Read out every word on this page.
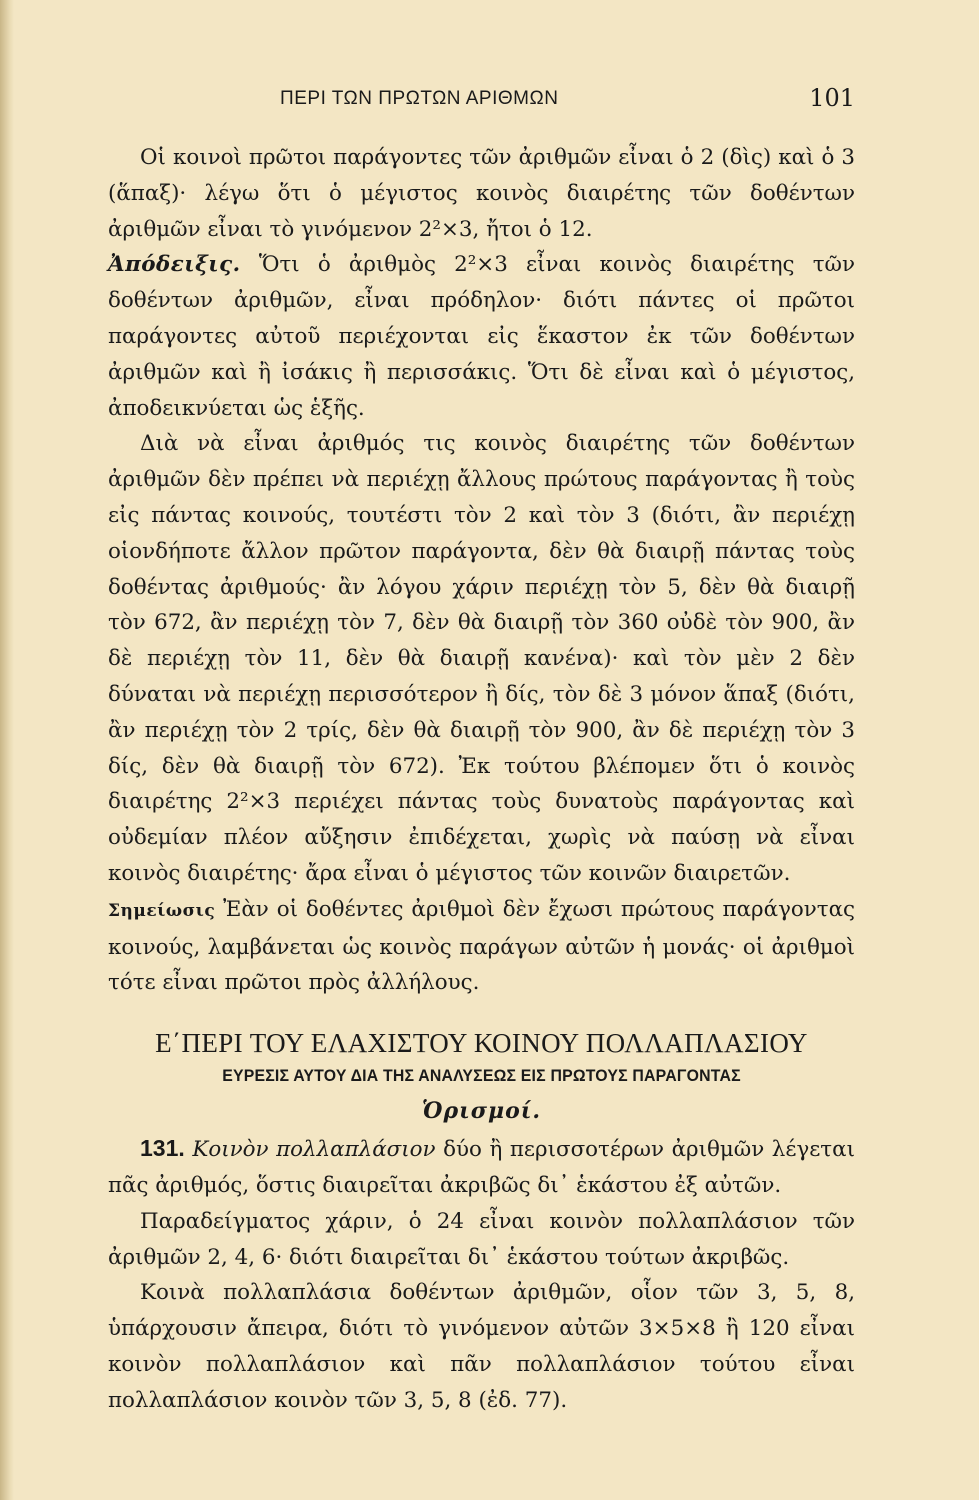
ΠΕΡΙ ΤΩΝ ΠΡΩΤΩΝ ΑΡΙΘΜΩΝ	101

Οἱ κοινοὶ πρῶτοι παράγοντες τῶν ἀριθμῶν εἶναι ὁ 2 (δὶς) καὶ ὁ 3 (ἅπαξ)· λέγω ὅτι ὁ μέγιστος κοινὸς διαιρέτης τῶν δοθέντων ἀριθμῶν εἶναι τὸ γινόμενον 2²×3, ἤτοι ὁ 12.

Ἀπόδειξις. Ὅτι ὁ ἀριθμὸς 2²×3 εἶναι κοινὸς διαιρέτης τῶν δοθέντων ἀριθμῶν, εἶναι πρόδηλον· διότι πάντες οἱ πρῶτοι παράγοντες αὐτοῦ περιέχονται εἰς ἕκαστον ἐκ τῶν δοθέντων ἀριθμῶν καὶ ἢ ἰσάκις ἢ περισσάκις. Ὅτι δὲ εἶναι καὶ ὁ μέγιστος, ἀποδεικνύεται ὡς ἑξῆς.

Διὰ νὰ εἶναι ἀριθμός τις κοινὸς διαιρέτης τῶν δοθέντων ἀριθμῶν δὲν πρέπει νὰ περιέχῃ ἄλλους πρώτους παράγοντας ἢ τοὺς εἰς πάντας κοινούς, τουτέστι τὸν 2 καὶ τὸν 3 (διότι, ἂν περιέχῃ οἱονδήποτε ἄλλον πρῶτον παράγοντα, δὲν θὰ διαιρῇ πάντας τοὺς δοθέντας ἀριθμούς· ἂν λόγου χάριν περιέχῃ τὸν 5, δὲν θὰ διαιρῇ τὸν 672, ἂν περιέχῃ τὸν 7, δὲν θὰ διαιρῇ τὸν 360 οὐδὲ τὸν 900, ἂν δὲ περιέχῃ τὸν 11, δὲν θὰ διαιρῇ κανένα)· καὶ τὸν μὲν 2 δὲν δύναται νὰ περιέχῃ περισσότερον ἢ δίς, τὸν δὲ 3 μόνον ἅπαξ (διότι, ἂν περιέχῃ τὸν 2 τρίς, δὲν θὰ διαιρῇ τὸν 900, ἂν δὲ περιέχῃ τὸν 3 δίς, δὲν θὰ διαιρῇ τὸν 672). Ἐκ τούτου βλέπομεν ὅτι ὁ κοινὸς διαιρέτης 2²×3 περιέχει πάντας τοὺς δυνατοὺς παράγοντας καὶ οὐδεμίαν πλέον αὔξησιν ἐπιδέχεται, χωρὶς νὰ παύσῃ νὰ εἶναι κοινὸς διαιρέτης· ἄρα εἶναι ὁ μέγιστος τῶν κοινῶν διαιρετῶν.

Σημείωσις Ἐὰν οἱ δοθέντες ἀριθμοὶ δὲν ἔχωσι πρώτους παράγοντας κοινούς, λαμβάνεται ὡς κοινὸς παράγων αὐτῶν ἡ μονάς· οἱ ἀριθμοὶ τότε εἶναι πρῶτοι πρὸς ἀλλήλους.

Ε΄ΠΕΡΙ ΤΟΥ ΕΛΑΧΙΣΤΟΥ ΚΟΙΝΟΥ ΠΟΛΛΑΠΛΑΣΙΟΥ
ΕΥΡΕΣΙΣ ΑΥΤΟΥ ΔΙΑ ΤΗΣ ΑΝΑΛΥΣΕΩΣ ΕΙΣ ΠΡΩΤΟΥΣ ΠΑΡΑΓΟΝΤΑΣ
Ὁρισμοί.

131. Κοινὸν πολλαπλάσιον δύο ἢ περισσοτέρων ἀριθμῶν λέγεται πᾶς ἀριθμός, ὅστις διαιρεῖται ἀκριβῶς δι᾽ ἑκάστου ἐξ αὐτῶν.

Παραδείγματος χάριν, ὁ 24 εἶναι κοινὸν πολλαπλάσιον τῶν ἀριθμῶν 2, 4, 6· διότι διαιρεῖται δι᾽ ἑκάστου τούτων ἀκριβῶς.

Κοινὰ πολλαπλάσια δοθέντων ἀριθμῶν, οἷον τῶν 3, 5, 8, ὑπάρχουσιν ἄπειρα, διότι τὸ γινόμενον αὐτῶν 3×5×8 ἢ 120 εἶναι κοινὸν πολλαπλάσιον καὶ πᾶν πολλαπλάσιον τούτου εἶναι πολλαπλάσιον κοινὸν τῶν 3, 5, 8 (ἐδ. 77).
